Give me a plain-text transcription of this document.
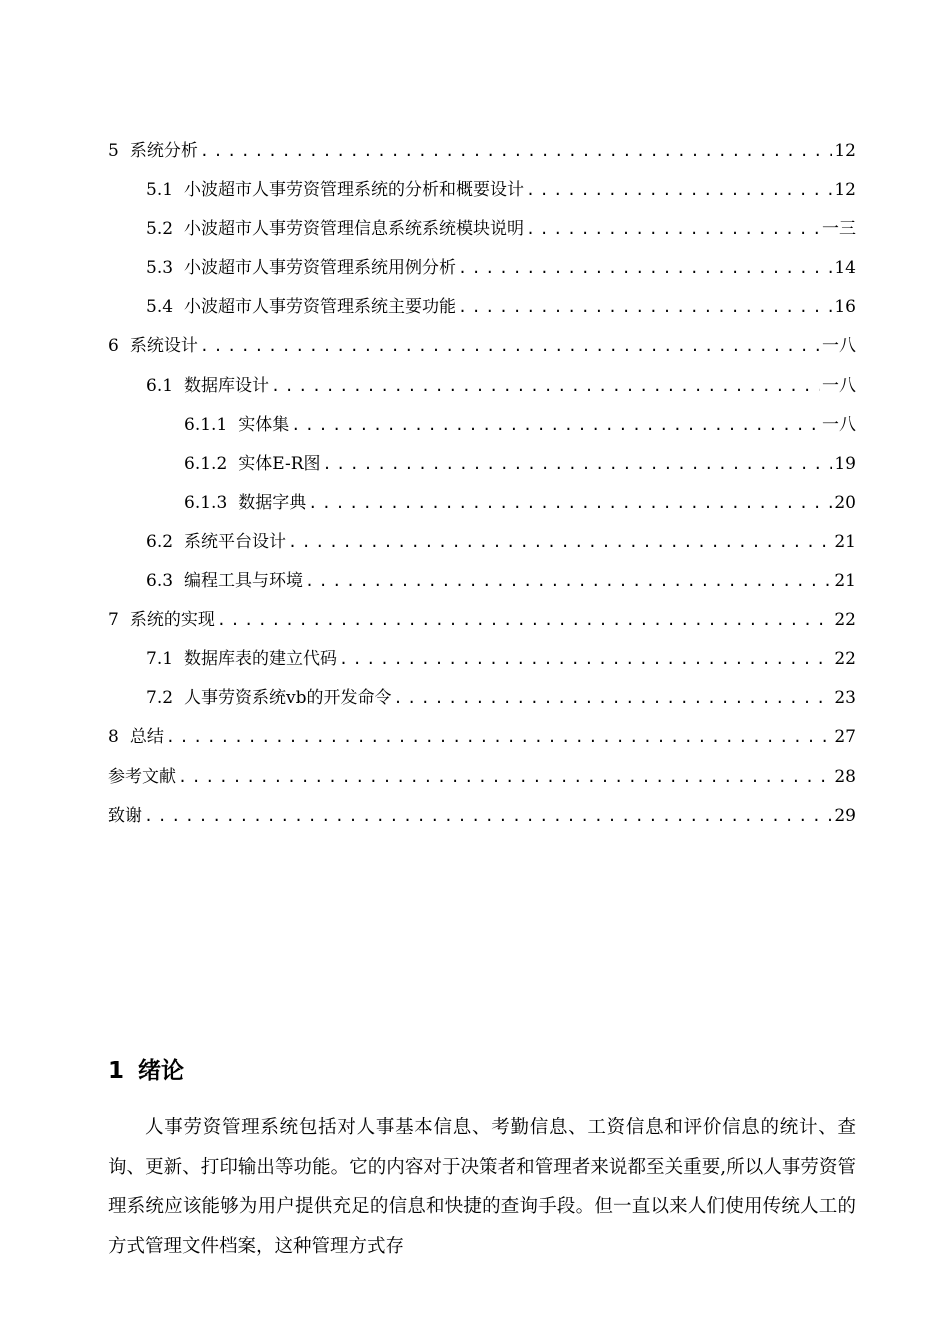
5 系统分析 .....	12
5.1 小波超市人事劳资管理系统的分析和概要设计 .....	12
5.2 小波超市人事劳资管理信息系统系统模块说明 .....	一三
5.3 小波超市人事劳资管理系统用例分析 .....	14
5.4 小波超市人事劳资管理系统主要功能 .....	16
6 系统设计 .....	一八
6.1 数据库设计 .....	一八
6.1.1 实体集 .....	一八
6.1.2 实体E-R图 .....	19
6.1.3 数据字典 .....	20
6.2 系统平台设计 .....	21
6.3 编程工具与环境 .....	21
7 系统的实现 .....	22
7.1 数据库表的建立代码 .....	22
7.2 人事劳资系统vb的开发命令 .....	23
8 总结 .....	27
参考文献 .....	28
致谢 .....	29
1 绪论

人事劳资管理系统包括对人事基本信息、考勤信息、工资信息和评价信息的统计、查询、更新、打印输出等功能。它的内容对于决策者和管理者来说都至关重要,所以人事劳资管理系统应该能够为用户提供充足的信息和快捷的查询手段。但一直以来人们使用传统人工的方式管理文件档案，这种管理方式存
